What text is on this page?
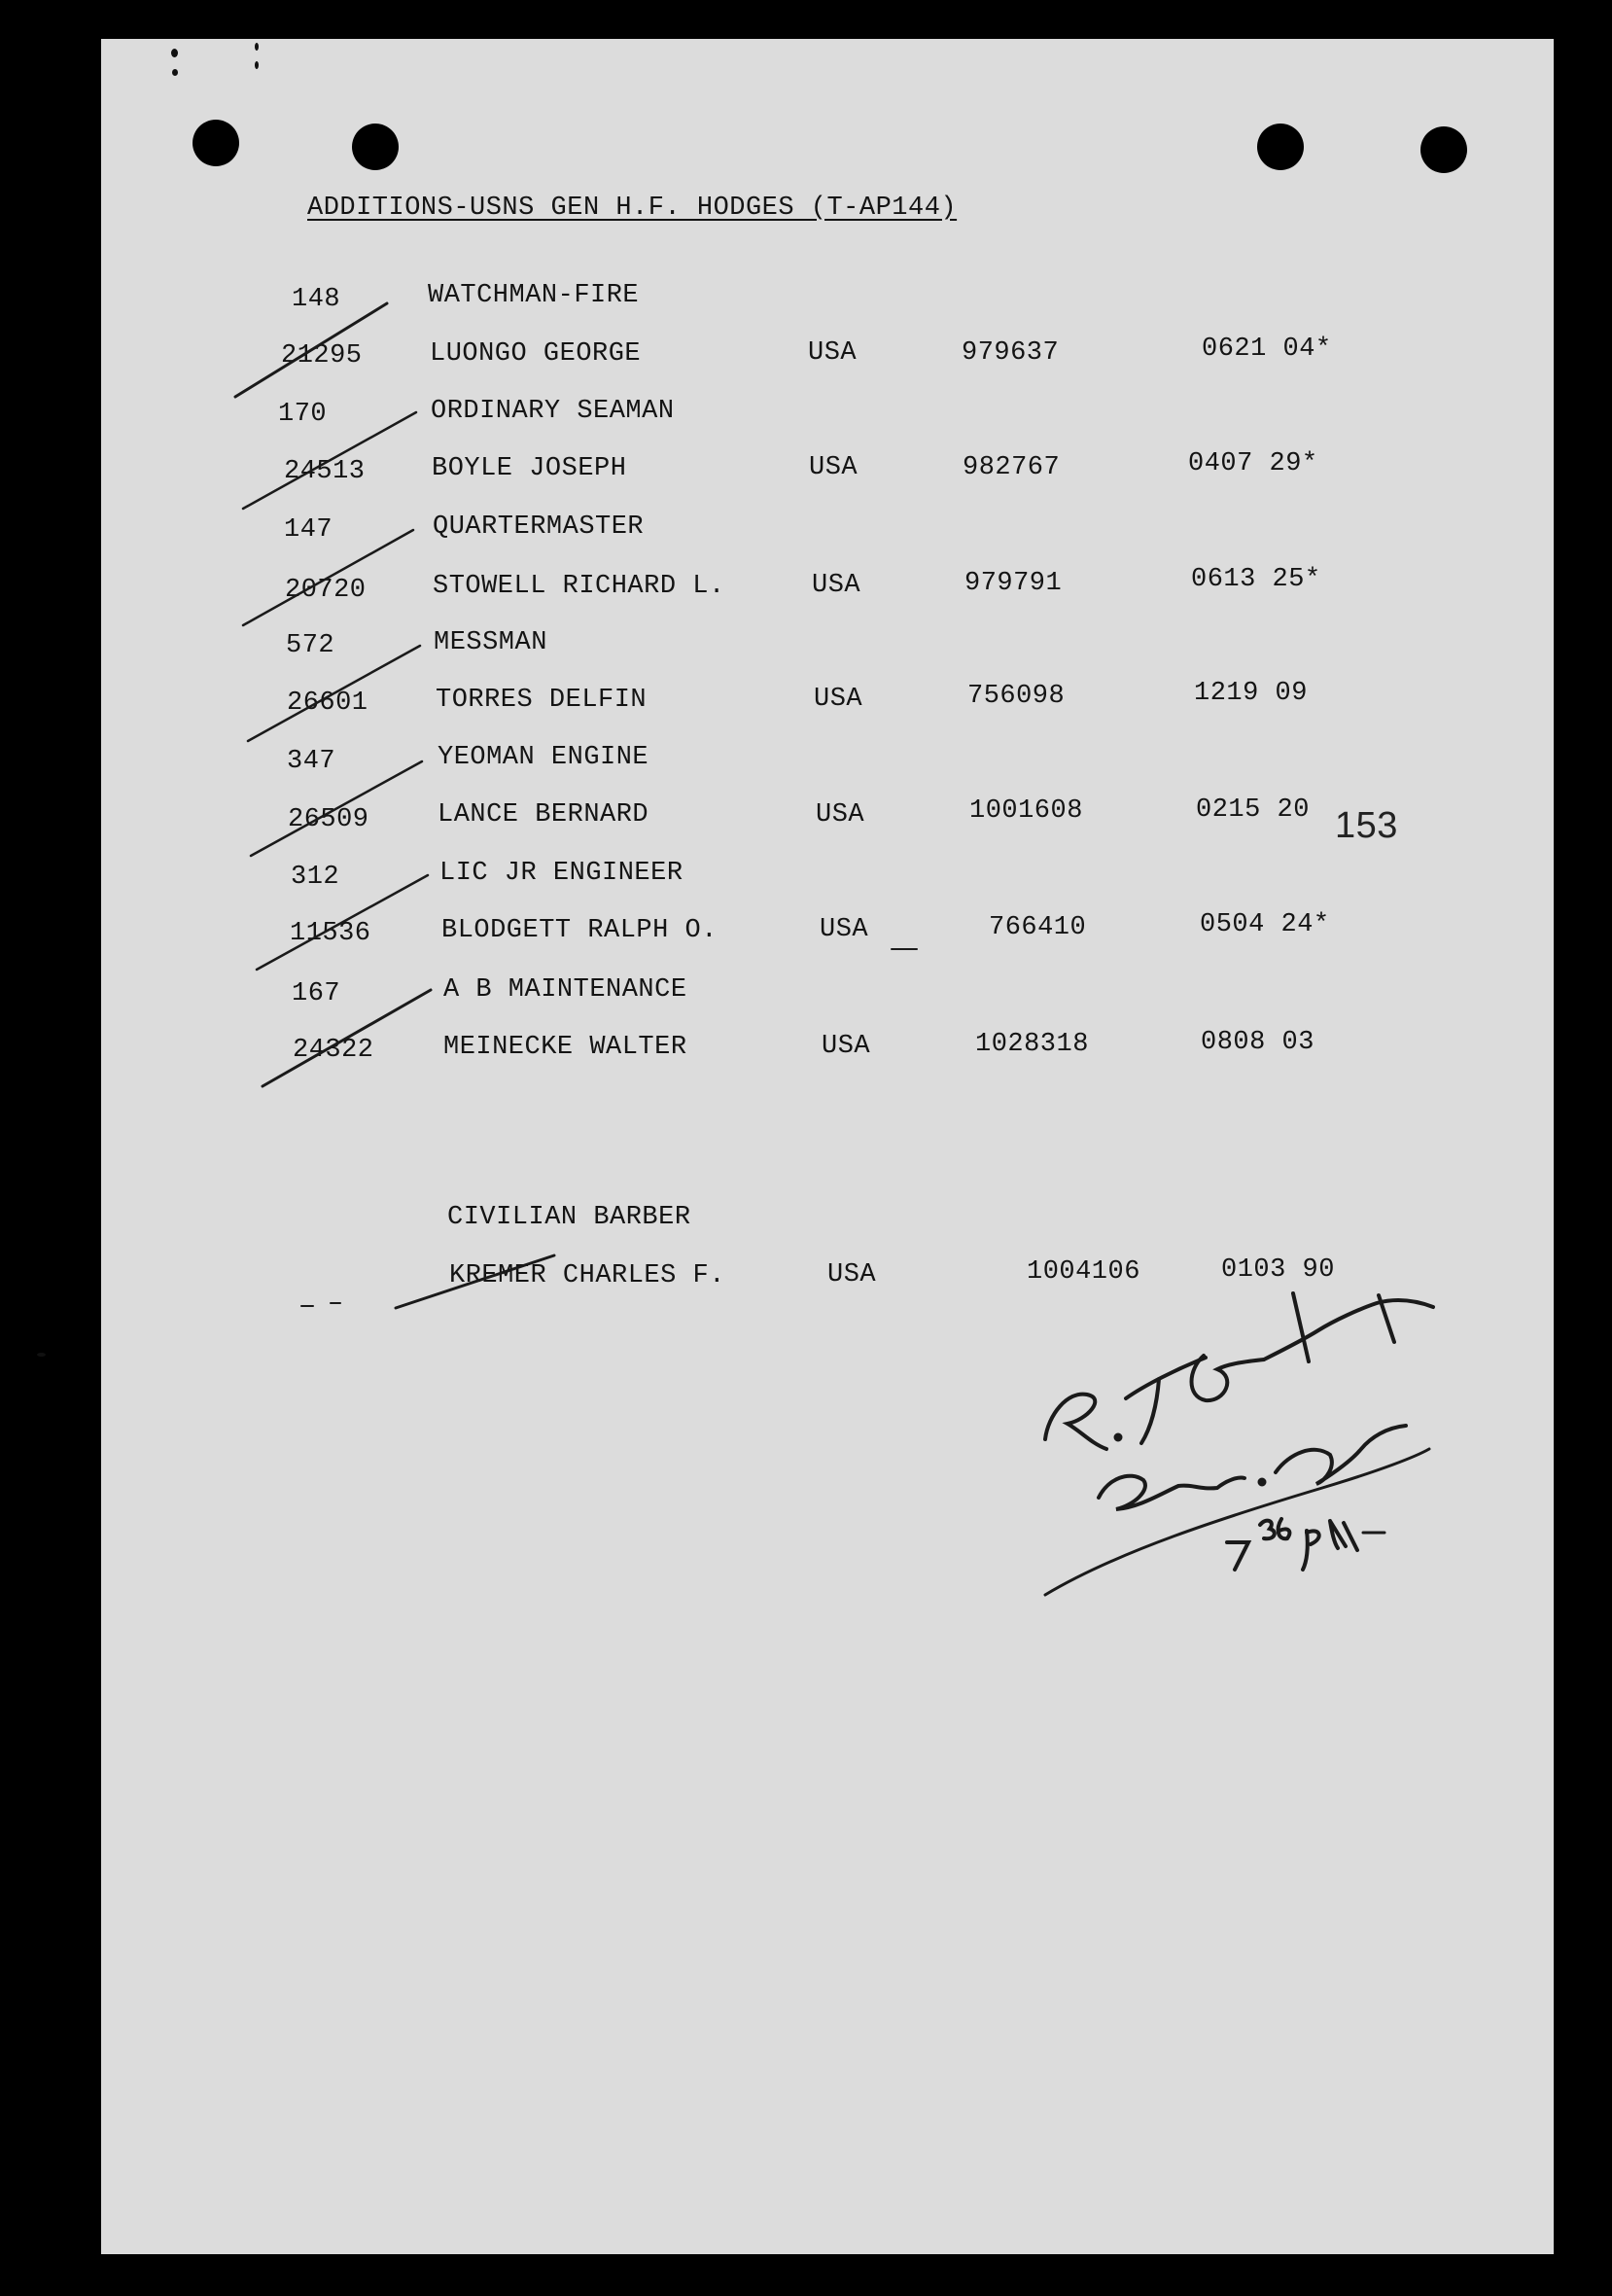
ADDITIONS-USNS GEN H.F. HODGES (T-AP144)
148	WATCHMAN-FIRE
21295	LUONGO GEORGE	USA	979637	0621 04*
170	ORDINARY SEAMAN
24513	BOYLE JOSEPH	USA	982767	0407 29*
147	QUARTERMASTER
20720	STOWELL RICHARD L.	USA	979791	0613 25*
572	MESSMAN
26601	TORRES DELFIN	USA	756098	1219 09
347	YEOMAN ENGINE
26509	LANCE BERNARD	USA	1001608	0215 20 153
312	LIC JR ENGINEER
11536	BLODGETT RALPH O.	USA	766410	0504 24*
167	A B MAINTENANCE
24322	MEINECKE WALTER	USA	1028318	0808 03
CIVILIAN BARBER
KREMER CHARLES F.	USA	1004106	0103 90
